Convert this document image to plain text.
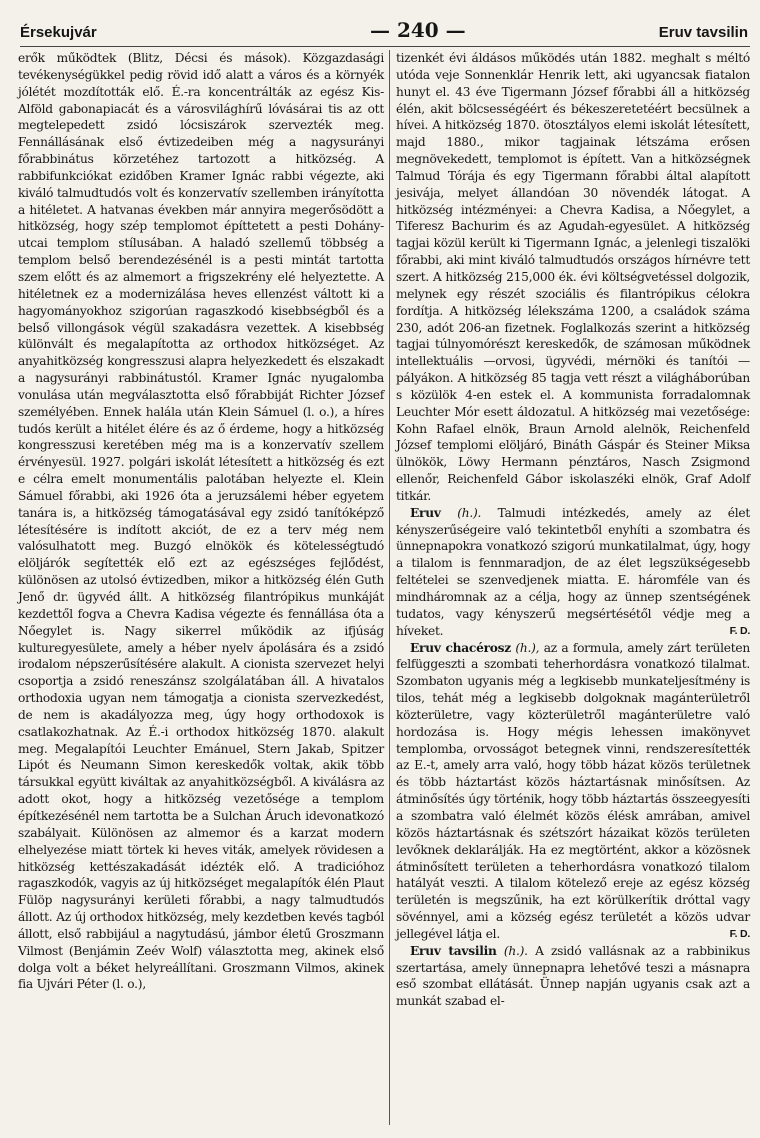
Érsekujvár	— 240 —	Eruv tavsilin

erők működtek (Blitz, Décsi és mások). Közgazdasági tevékenységükkel pedig rövid idő alatt a város és a környék jólétét mozdították elő. É.-ra koncentrálták az egész Kis-Alföld gabonapiacát és a városvilághírű lóvásárai tis az ott megtelepedett zsidó lócsiszárok szervezték meg. Fennállásának első évtizedeiben még a nagysurányi főrabbinátus körzetéhez tartozott a hitközség. A rabbifunkciókat ezidőben Kramer Ignác rabbi végezte, aki kiváló talmudtudós volt és konzervatív szellemben irányította a hitéletet. A hatvanas években már annyira megerősödött a hitközség, hogy szép templomot építtetett a pesti Dohány-utcai templom stílusában. A haladó szellemű többség a templom belső berendezésénél is a pesti mintát tartotta szem előtt és az almemort a frigszekrény elé helyeztette. A hitéletnek ez a modernizálása heves ellenzést váltott ki a hagyományokhoz szigorúan ragaszkodó kisebbségből és a belső villongások végül szakadásra vezettek. A kisebbség különvált és megalapította az orthodox hitközséget. Az anyahitközség kongresszusi alapra helyezkedett és elszakadt a nagysurányi rabbinátustól. Kramer Ignác nyugalomba vonulása után megválasztotta első főrabbiját Richter József személyében. Ennek halála után Klein Sámuel (l. o.), a híres tudós került a hitélet élére és az ő érdeme, hogy a hitközség kongresszusi keretében még ma is a konzervatív szellem érvényesül. 1927. polgári iskolát létesített a hitközség és ezt e célra emelt monumentális palotában helyezte el. Klein Sámuel főrabbi, aki 1926 óta a jeruzsálemi héber egyetem tanára is, a hitközség támogatásával egy zsidó tanítóképző létesítésére is indított akciót, de ez a terv még nem valósulhatott meg. Buzgó elnökök és kötelességtudó elöljárók segítették elő ezt az egészséges fejlődést, különösen az utolsó évtizedben, mikor a hitközség élén Guth Jenő dr. ügyvéd állt. A hitközség filantrópikus munkáját kezdettől fogva a Chevra Kadisa végezte és fennállása óta a Nőegylet is. Nagy sikerrel működik az ifjúság kulturegyesülete, amely a héber nyelv ápolására és a zsidó irodalom népszerűsítésére alakult. A cionista szervezet helyi csoportja a zsidó reneszánsz szolgálatában áll. A hivatalos orthodoxia ugyan nem támogatja a cionista szervezkedést, de nem is akadályozza meg, úgy hogy orthodoxok is csatlakozhatnak. Az É.-i orthodox hitközség 1870. alakult meg. Megalapítói Leuchter Emánuel, Stern Jakab, Spitzer Lipót és Neumann Simon kereskedők voltak, akik több társukkal együtt kiváltak az anyahitközségből. A kiválásra az adott okot, hogy a hitközség vezetősége a templom építkezésénél nem tartotta be a Sulchan Áruch idevonatkozó szabályait. Különösen az almemor és a karzat modern elhelyezése miatt törtek ki heves viták, amelyek rövidesen a hitközség kettészakadását idézték elő. A tradicióhoz ragaszkodók, vagyis az új hitközséget megalapítók élén Plaut Fülöp nagysurányi kerületi főrabbi, a nagy talmudtudós állott. Az új orthodox hitközség, mely kezdetben kevés tagból állott, első rabbijául a nagytudású, jámbor életű Groszmann Vilmost (Benjámin Zeév Wolf) választotta meg, akinek első dolga volt a béket helyreállítani. Groszmann Vilmos, akinek fia Ujvári Péter (l. o.),

tizenkét évi áldásos működés után 1882. meghalt s méltó utóda veje Sonnenklár Henrik lett, aki ugyancsak fiatalon hunyt el. 43 éve Tigermann József főrabbi áll a hitközség élén, akit bölcsességéért és békeszeretetéért becsülnek a hívei. A hitközség 1870. ötosztályos elemi iskolát létesített, majd 1880., mikor tagjainak létszáma erősen megnövekedett, templomot is épített. Van a hitközségnek Talmud Tórája és egy Tigermann főrabbi által alapított jesivája, melyet állandóan 30 növendék látogat. A hitközség intézményei: a Chevra Kadisa, a Nőegylet, a Tiferesz Bachurim és az Agudah-egyesület. A hitközség tagjai közül került ki Tigermann Ignác, a jelenlegi tiszalöki főrabbi, aki mint kiváló talmudtudós országos hírnévre tett szert. A hitközség 215,000 ék. évi költségvetéssel dolgozik, melynek egy részét szociális és filantrópikus célokra fordítja. A hitközség lélekszáma 1200, a családok száma 230, adót 206-an fizetnek. Foglalkozás szerint a hitközség tagjai túlnyomórészt kereskedők, de számosan működnek intellektuális —orvosi, ügyvédi, mérnöki és tanítói — pályákon. A hitközség 85 tagja vett részt a világháborúban s közülök 4-en estek el. A kommunista forradalomnak Leuchter Mór esett áldozatul. A hitközség mai vezetősége: Kohn Rafael elnök, Braun Arnold alelnök, Reichenfeld József templomi elöljáró, Bináth Gáspár és Steiner Miksa ülnökök, Löwy Hermann pénztáros, Nasch Zsigmond ellenőr, Reichenfeld Gábor iskolaszéki elnök, Graf Adolf titkár.

Eruv (h.). Talmudi intézkedés, amely az élet kényszerűségeire való tekintetből enyhíti a szombatra és ünnepnapokra vonatkozó szigorú munkatilalmat, úgy, hogy a tilalom is fennmaradjon, de az élet legszükségesebb feltételei se szenvedjenek miatta. E. háromféle van és mindháromnak az a célja, hogy az ünnep szentségének tudatos, vagy kényszerű megsértésétől védje meg a híveket.	F. D.

Eruv chacérosz (h.), az a formula, amely zárt területen felfüggeszti a szombati teherhordásra vonatkozó tilalmat. Szombaton ugyanis még a legkisebb munkateljesítmény is tilos, tehát még a legkisebb dolgoknak magánterületről közterületre, vagy közterületről magánterületre való hordozása is. Hogy mégis lehessen imakönyvet templomba, orvosságot betegnek vinni, rendszeresítették az E.-t, amely arra való, hogy több házat közös területnek és több háztartást közös háztartásnak minősítsen. Az átminősítés úgy történik, hogy több háztartás összeegyesíti a szombatra való élelmét közös élésk amrában, amivel közös háztartásnak és szétszórt házaikat közös területen levőknek deklarálják. Ha ez megtörtént, akkor a közösnek átminősített területen a teherhordásra vonatkozó tilalom hatályát veszti. A tilalom kötelező ereje az egész község területén is megszűnik, ha ezt körülkerítik dróttal vagy sövénnyel, ami a község egész területét a közös udvar jellegével látja el.	F. D.

Eruv tavsilin (h.). A zsidó vallásnak az a rabbinikus szertartása, amely ünnepnapra lehetővé teszi a másnapra eső szombat ellátását. Ünnep napján ugyanis csak azt a munkát szabad el-
